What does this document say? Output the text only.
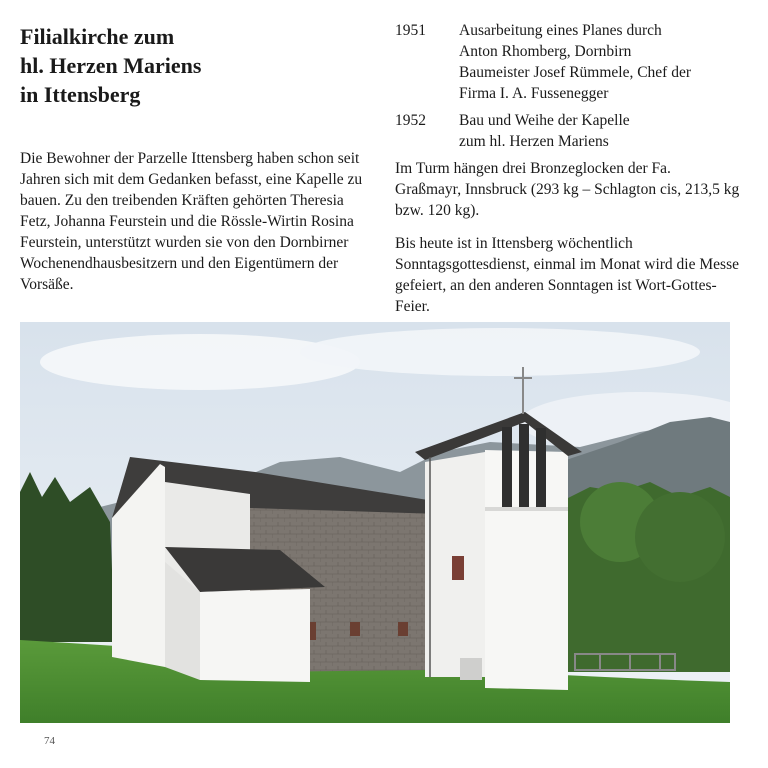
Filialkirche zum
hl. Herzen Mariens
in Ittensberg

Die Bewohner der Parzelle Ittensberg haben schon seit Jahren sich mit dem Gedanken befasst, eine Kapelle zu bauen. Zu den treibenden Kräften gehörten Theresia Fetz, Johanna Feurstein und die Rössle-Wirtin Rosina Feurstein, unterstützt wurden sie von den Dornbirner Wochenendhausbesitzern und den Eigentümern der Vorsäße.

1951	Ausarbeitung eines Planes durch
Anton Rhomberg, Dornbirn
Baumeister Josef Rümmele, Chef der
Firma I. A. Fussenegger
1952	Bau und Weihe der Kapelle
zum hl. Herzen Mariens

Im Turm hängen drei Bronzeglocken der Fa. Graßmayr, Innsbruck (293 kg – Schlagton cis, 213,5 kg bzw. 120 kg).

Bis heute ist in Ittensberg wöchentlich Sonntagsgottesdienst, einmal im Monat wird die Messe gefeiert, an den anderen Sonntagen ist Wort-Gottes-Feier.

74
